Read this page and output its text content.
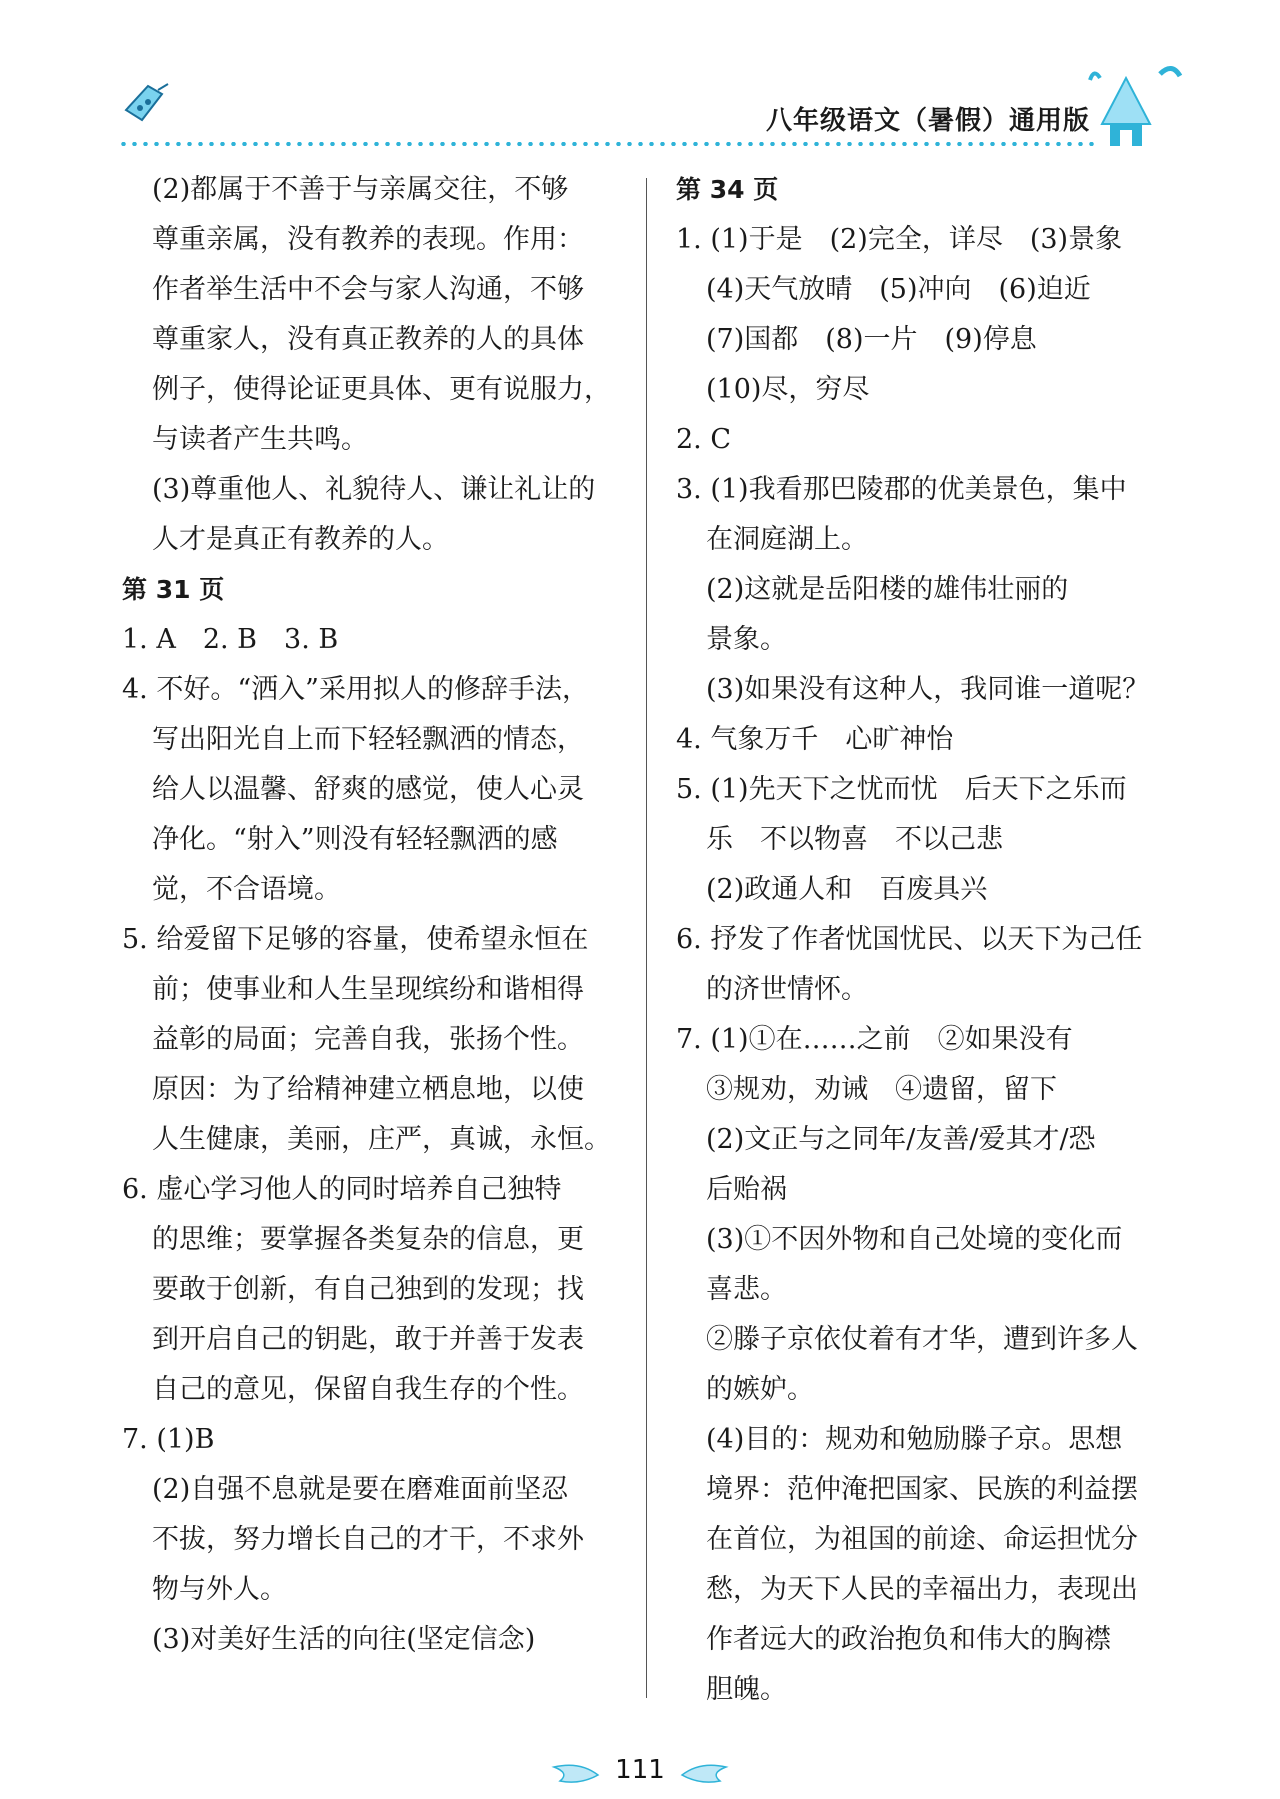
八年级语文（暑假）通用版
(2)都属于不善于与亲属交往，不够
尊重亲属，没有教养的表现。作用：
作者举生活中不会与家人沟通，不够
尊重家人，没有真正教养的人的具体
例子，使得论证更具体、更有说服力，
与读者产生共鸣。
(3)尊重他人、礼貌待人、谦让礼让的
人才是真正有教养的人。
第 31 页
1. A　2. B　3. B
4. 不好。“洒入”采用拟人的修辞手法，
写出阳光自上而下轻轻飘洒的情态，
给人以温馨、舒爽的感觉，使人心灵
净化。“射入”则没有轻轻飘洒的感
觉，不合语境。
5. 给爱留下足够的容量，使希望永恒在
前；使事业和人生呈现缤纷和谐相得
益彰的局面；完善自我，张扬个性。
原因：为了给精神建立栖息地，以使
人生健康，美丽，庄严，真诚，永恒。
6. 虚心学习他人的同时培养自己独特
的思维；要掌握各类复杂的信息，更
要敢于创新，有自己独到的发现；找
到开启自己的钥匙，敢于并善于发表
自己的意见，保留自我生存的个性。
7. (1)B
(2)自强不息就是要在磨难面前坚忍
不拔，努力增长自己的才干，不求外
物与外人。
(3)对美好生活的向往(坚定信念)
第 34 页
1. (1)于是　(2)完全，详尽　(3)景象
(4)天气放晴　(5)冲向　(6)迫近
(7)国都　(8)一片　(9)停息
(10)尽，穷尽
2. C
3. (1)我看那巴陵郡的优美景色，集中
在洞庭湖上。
(2)这就是岳阳楼的雄伟壮丽的
景象。
(3)如果没有这种人，我同谁一道呢？
4. 气象万千　心旷神怡
5. (1)先天下之忧而忧　后天下之乐而
乐　不以物喜　不以己悲
(2)政通人和　百废具兴
6. 抒发了作者忧国忧民、以天下为己任
的济世情怀。
7. (1)①在……之前　②如果没有
③规劝，劝诫　④遗留，留下
(2)文正与之同年/友善/爱其才/恐
后贻祸
(3)①不因外物和自己处境的变化而
喜悲。
②滕子京依仗着有才华，遭到许多人
的嫉妒。
(4)目的：规劝和勉励滕子京。思想
境界：范仲淹把国家、民族的利益摆
在首位，为祖国的前途、命运担忧分
愁，为天下人民的幸福出力，表现出
作者远大的政治抱负和伟大的胸襟
胆魄。
111
